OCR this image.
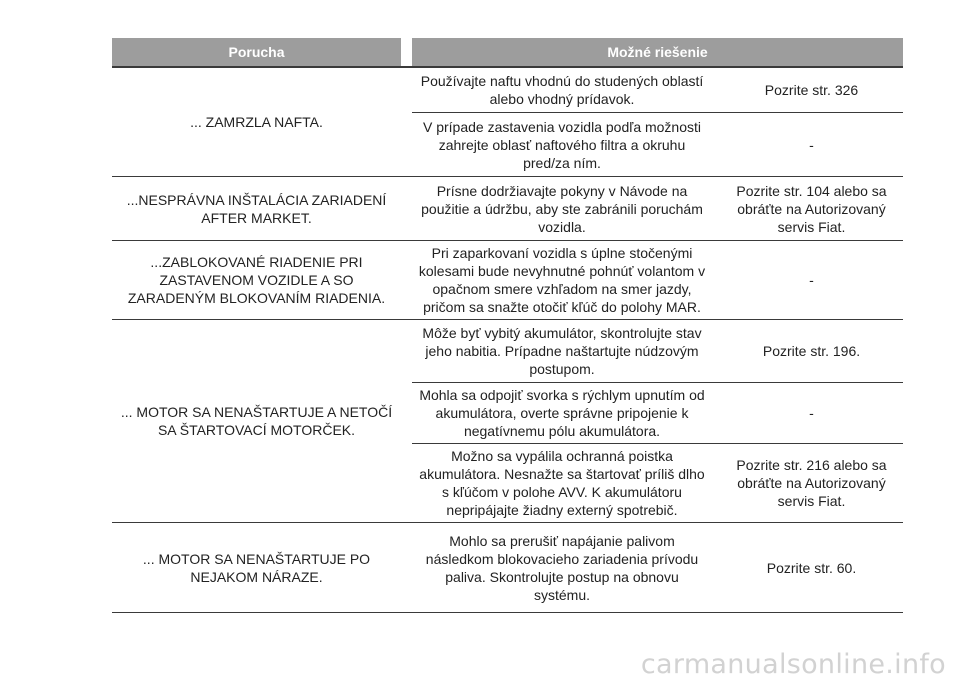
Porucha	Možné riešenie
... ZAMRZLA NAFTA.
Používajte naftu vhodnú do studených oblastí alebo vhodný prídavok.
Pozrite str. 326
V prípade zastavenia vozidla podľa možnosti zahrejte oblasť naftového filtra a okruhu pred/za ním.
-
...NESPRÁVNA INŠTALÁCIA ZARIADENÍ AFTER MARKET.
Prísne dodržiavajte pokyny v Návode na použitie a údržbu, aby ste zabránili poruchám vozidla.
Pozrite str. 104 alebo sa obráťte na Autorizovaný servis Fiat.
...ZABLOKOVANÉ RIADENIE PRI ZASTAVENOM VOZIDLE A SO ZARADENÝM BLOKOVANÍM RIADENIA.
Pri zaparkovaní vozidla s úplne stočenými kolesami bude nevyhnutné pohnúť volantom v opačnom smere vzhľadom na smer jazdy, pričom sa snažte otočiť kľúč do polohy MAR.
-
... MOTOR SA NENAŠTARTUJE A NETOČÍ SA ŠTARTOVACÍ MOTORČEK.
Môže byť vybitý akumulátor, skontrolujte stav jeho nabitia. Prípadne naštartujte núdzovým postupom.
Pozrite str. 196.
Mohla sa odpojiť svorka s rýchlym upnutím od akumulátora, overte správne pripojenie k negatívnemu pólu akumulátora.
-
Možno sa vypálila ochranná poistka akumulátora. Nesnažte sa štartovať príliš dlho s kľúčom v polohe AVV. K akumulátoru nepripájajte žiadny externý spotrebič.
Pozrite str. 216 alebo sa obráťte na Autorizovaný servis Fiat.
... MOTOR SA NENAŠTARTUJE PO NEJAKOM NÁRAZE.
Mohlo sa prerušiť napájanie palivom následkom blokovacieho zariadenia prívodu paliva. Skontrolujte postup na obnovu systému.
Pozrite str. 60.
carmanualsonline.info
